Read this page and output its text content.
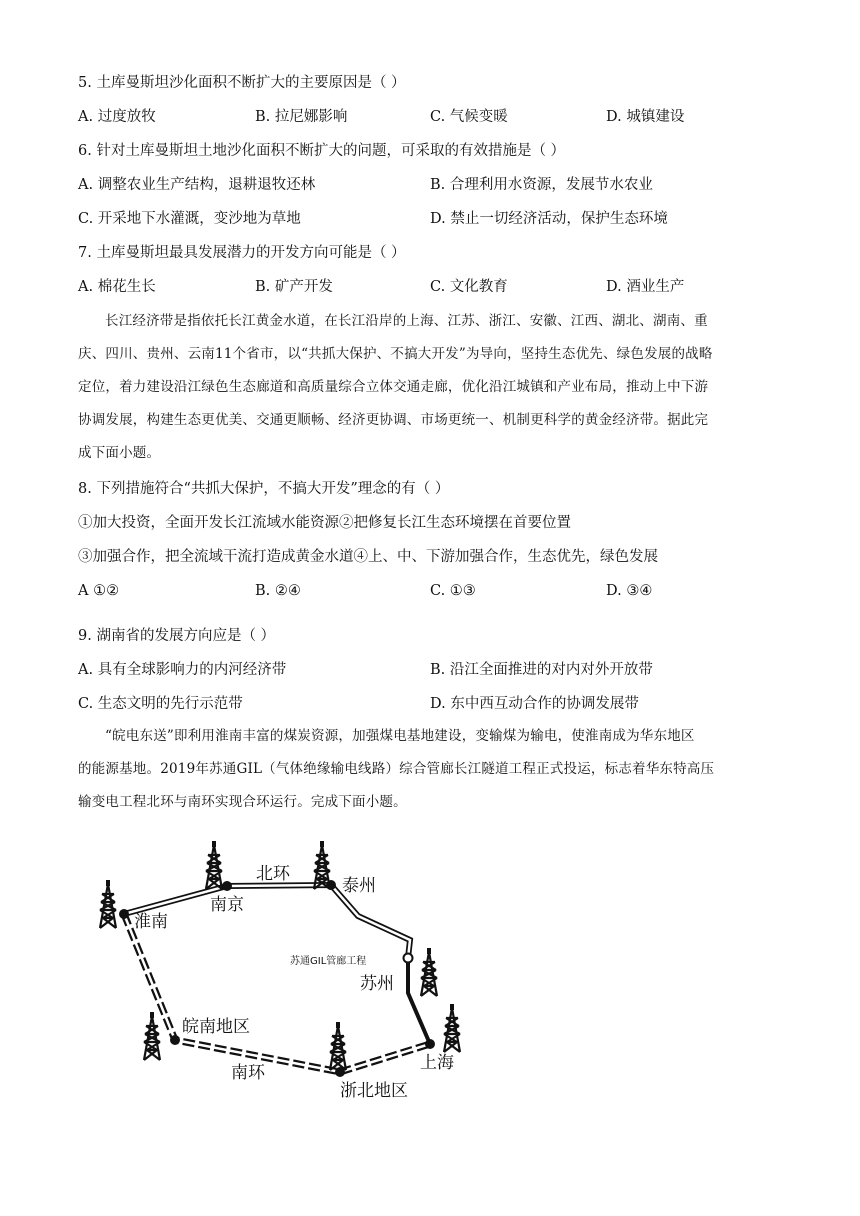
5. 土库曼斯坦沙化面积不断扩大的主要原因是（ ）
A. 过度放牧	B. 拉尼娜影响	C. 气候变暖	D. 城镇建设
6. 针对土库曼斯坦土地沙化面积不断扩大的问题，可采取的有效措施是（ ）
A. 调整农业生产结构，退耕退牧还林	B. 合理利用水资源，发展节水农业
C. 开采地下水灌溉，变沙地为草地	D. 禁止一切经济活动，保护生态环境
7. 土库曼斯坦最具发展潜力的开发方向可能是（ ）
A. 棉花生长	B. 矿产开发	C. 文化教育	D. 酒业生产

长江经济带是指依托长江黄金水道，在长江沿岸的上海、江苏、浙江、安徽、江西、湖北、湖南、重

庆、四川、贵州、云南11个省市，以“共抓大保护、不搞大开发”为导向，坚持生态优先、绿色发展的战略

定位，着力建设沿江绿色生态廊道和高质量综合立体交通走廊，优化沿江城镇和产业布局，推动上中下游

协调发展，构建生态更优美、交通更顺畅、经济更协调、市场更统一、机制更科学的黄金经济带。据此完

成下面小题。

8. 下列措施符合“共抓大保护，不搞大开发”理念的有（ ）
①加大投资，全面开发长江流域水能资源②把修复长江生态环境摆在首要位置
③加强合作，把全流域干流打造成黄金水道④上、中、下游加强合作，生态优先，绿色发展
A ①②	B. ②④	C. ①③	D. ③④
9. 湖南省的发展方向应是（ ）
A. 具有全球影响力的内河经济带	B. 沿江全面推进的对内对外开放带
C. 生态文明的先行示范带	D. 东中西互动合作的协调发展带

“皖电东送”即利用淮南丰富的煤炭资源，加强煤电基地建设，变输煤为输电，使淮南成为华东地区

的能源基地。2019年苏通GIL（气体绝缘输电线路）综合管廊长江隧道工程正式投运，标志着华东特高压

输变电工程北环与南环实现合环运行。完成下面小题。

淮南
南京
北环
泰州
苏通GIL管廊工程
苏州
皖南地区
上海
南环
浙北地区
